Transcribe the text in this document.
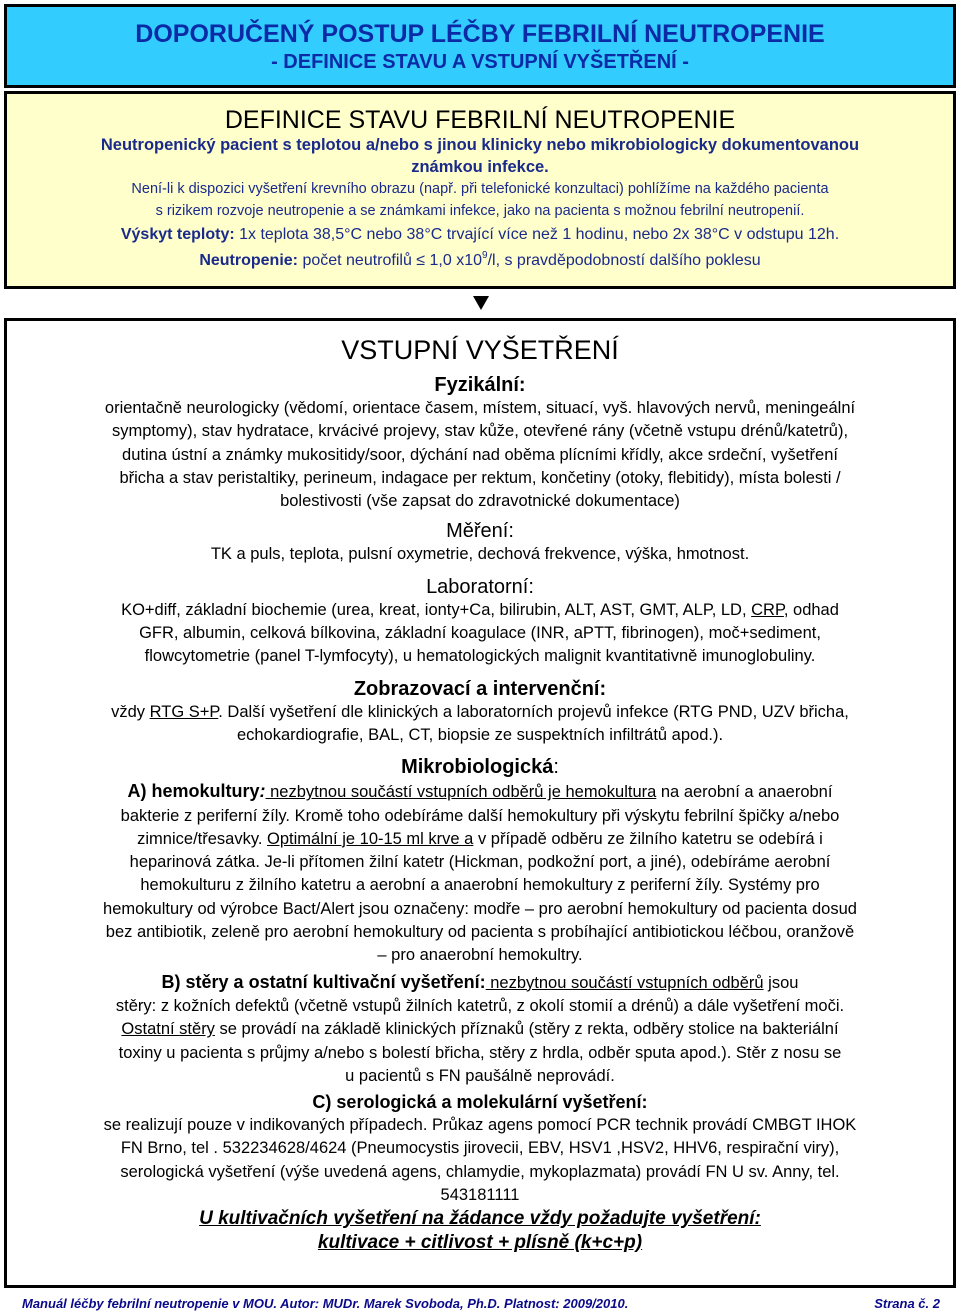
DOPORUČENÝ POSTUP LÉČBY FEBRILNÍ NEUTROPENIE
- DEFINICE STAVU A VSTUPNÍ VYŠETŘENÍ -
DEFINICE STAVU FEBRILNÍ NEUTROPENIE
Neutropenický pacient s teplotou a/nebo s jinou klinicky nebo mikrobiologicky dokumentovanou
známkou infekce.
Není-li k dispozici vyšetření krevního obrazu (např. při telefonické konzultaci) pohlížíme na každého pacienta
s rizikem rozvoje neutropenie a se známkami infekce, jako na pacienta s možnou febrilní neutropenií.
Výskyt teploty: 1x teplota 38,5°C nebo 38°C trvající více než 1 hodinu, nebo 2x 38°C v odstupu 12h.
Neutropenie: počet neutrofilů ≤ 1,0 $x10^9/l$, s pravděpodobností dalšího poklesu
VSTUPNÍ VYŠETŘENÍ
Fyzikální:
orientačně neurologicky (vědomí, orientace časem, místem, situací, vyš. hlavových nervů, meningeální
symptomy), stav hydratace, krvácivé projevy, stav kůže, otevřené rány (včetně vstupu drénů/katetrů),
dutina ústní a známky mukositidy/soor, dýchání nad oběma plícními křídly, akce srdeční, vyšetření
břicha a stav peristaltiky, perineum, indagace per rektum, končetiny (otoky, flebitidy), místa bolesti /
bolestivosti (vše zapsat do zdravotnické dokumentace)
Měření:
TK a puls, teplota, pulsní oxymetrie, dechová frekvence, výška, hmotnost.
Laboratorní:
KO+diff, základní biochemie (urea, kreat, ionty+Ca, bilirubin, ALT, AST, GMT, ALP, LD, CRP, odhad
GFR, albumin, celková bílkovina, základní koagulace (INR, aPTT, fibrinogen), moč+sediment,
flowcytometrie (panel T-lymfocyty), u hematologických malignit kvantitativně imunoglobuliny.
Zobrazovací a intervenční:
vždy RTG S+P. Další vyšetření dle klinických a laboratorních projevů infekce (RTG PND, UZV břicha,
echokardiografie, BAL, CT, biopsie ze suspektních infiltrátů apod.).
Mikrobiologická:
A) hemokultury: nezbytnou součástí vstupních odběrů je hemokultura na aerobní a anaerobní
bakterie z periferní žíly. Kromě toho odebíráme další hemokultury při výskytu febrilní špičky a/nebo
zimnice/třesavky. Optimální je 10-15 ml krve a v případě odběru ze žilního katetru se odebírá i
heparinová zátka. Je-li přítomen žilní katetr (Hickman, podkožní port, a jiné), odebíráme aerobní
hemokulturu z žilního katetru a aerobní a anaerobní hemokultury z periferní žíly. Systémy pro
hemokultury od výrobce Bact/Alert jsou označeny: modře – pro aerobní hemokultury od pacienta dosud
bez antibiotik, zeleně pro aerobní hemokultury od pacienta s probíhající antibiotickou léčbou, oranžově
– pro anaerobní hemokultry.
B) stěry a ostatní kultivační vyšetření: nezbytnou součástí vstupních odběrů jsou
stěry: z kožních defektů (včetně vstupů žilních katetrů, z okolí stomií a drénů) a dále vyšetření moči.
Ostatní stěry se provádí na základě klinických příznaků (stěry z rekta, odběry stolice na bakteriální
toxiny u pacienta s průjmy a/nebo s bolestí břicha, stěry z hrdla, odběr sputa apod.). Stěr z nosu se
u pacientů s FN paušálně neprovádí.
C) serologická a molekulární vyšetření:
se realizují pouze v indikovaných případech. Průkaz agens pomocí PCR technik provádí CMBGT IHOK
FN Brno, tel . 532234628/4624 (Pneumocystis jirovecii, EBV, HSV1 ,HSV2, HHV6, respirační viry),
serologická vyšetření (výše uvedená agens, chlamydie, mykoplazmata) provádí FN U sv. Anny, tel.
543181111
U kultivačních vyšetření na žádance vždy požadujte vyšetření:
kultivace + citlivost + plísně (k+c+p)
Manuál léčby febrilní neutropenie v MOU. Autor: MUDr. Marek Svoboda, Ph.D. Platnost: 2009/2010.	Strana č. 2
